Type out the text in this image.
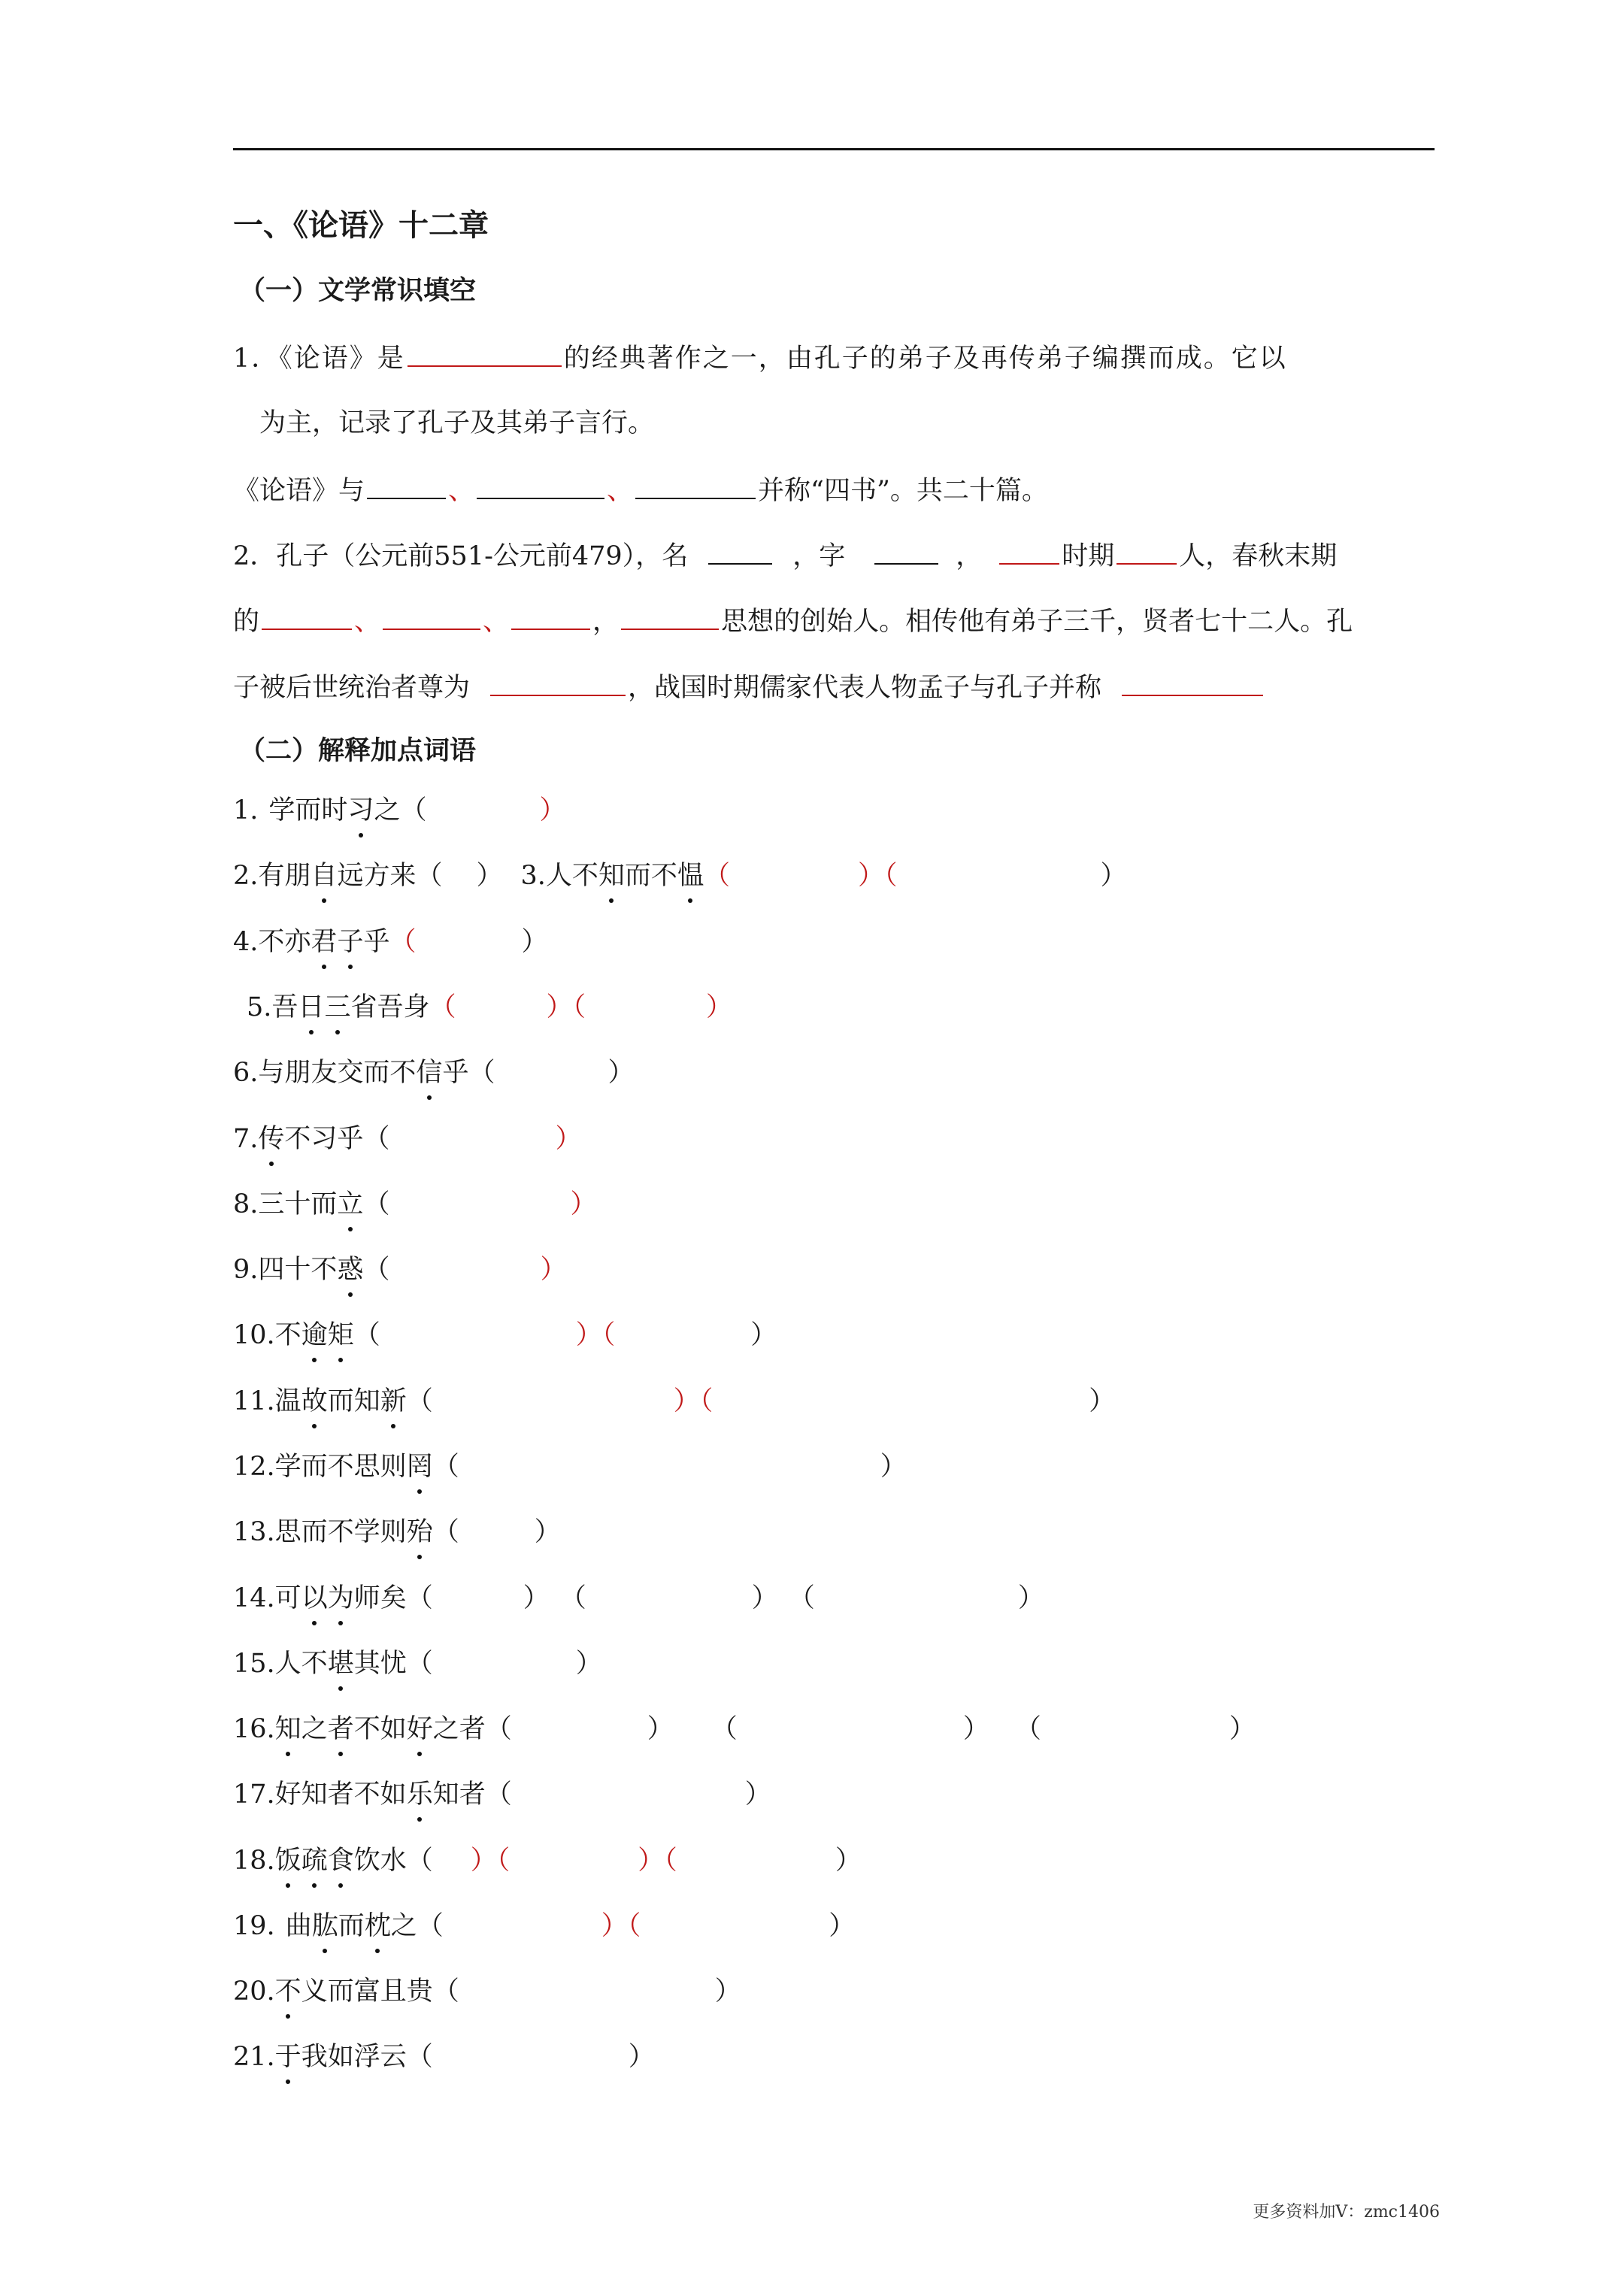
一、《论语》十二章
（一）文学常识填空
1．《论语》是	的经典著作之一，由孔子的弟子及再传弟子编撰而成。它以
为主，记录了孔子及其弟子言行。
《论语》与	、	、	并称“四书”。共二十篇。
2．孔子（公元前551-公元前479），名	，字	，	时期 人，春秋末期
的	、	、	，	思想的创始人。相传他有弟子三千，贤者七十二人。孔
子被后世统治者尊为	，战国时期儒家代表人物孟子与孔子并称
（二）解释加点词语
1. 学而时习之（	）
2.有朋自远方来（ ） 3.人不知而不愠（	）（	）
4.不亦君子乎（	）
5.吾日三省吾身（	）（	）
6.与朋友交而不信乎（	）
7.传不习乎（	）
8.三十而立（	）
9.四十不惑（	）
10.不逾矩（	）（	）
11.温故而知新（	）（	）
12.学而不思则罔（	）
13.思而不学则殆（	）
14.可以为师矣（	） （	） （	）
15.人不堪其忧（	）
16.知之者不如好之者（	） （	） （	）
17.好知者不如乐知者（	）
18.饭疏食饮水（ ）（	）（	）
19. 曲肱而枕之（	）（	）
20.不义而富且贵（	）
21.于我如浮云（	）
更多资料加V：zmc1406
